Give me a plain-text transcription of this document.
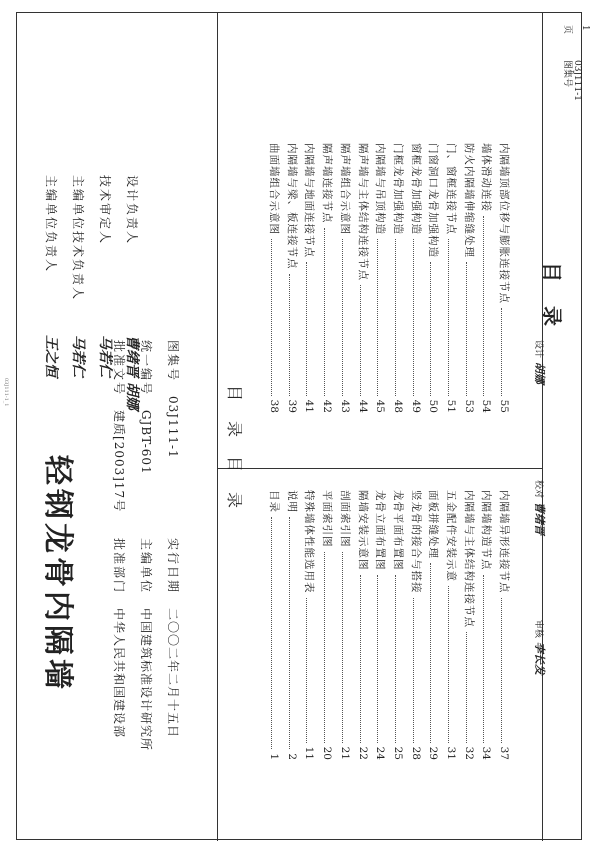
03J111-1_1
轻钢龙骨内隔墙	批准部门中华人民共和国建设部
主编单位中国建筑标准设计研究所
实行日期二〇〇二年二月十五日
批准文号建质[2003]17号
统一编号GJBT-601
图集号03J111-1
目录
目录
目录
1
说明
2
特殊墙体性能选用表
11
平面索引图
20
剖面索引图
21
隔墙安装示意图
22
龙骨立面布置图
24
龙骨平面布置图
25
竖龙骨的接合与搭接
28
面板拼缝处理
29
五金配件安装示意
31
内隔墙与主体结构连接节点
32
内隔墙构造节点
34
内隔墙异形连接节点
37
曲面墙组合示意图
38
内隔墙与梁、板连接节点
39
内隔墙与地面连接节点
41
隔声墙连接节点
42
隔声墙组合示意图
43
隔声墙与主体结构连接节点
44
内隔墙与吊顶构造
45
门框龙骨加强构造
48
窗框龙骨加强构造
49
门窗洞口龙骨加强构造
50
门、窗框连接节点
51
防火内隔墙伸缩缝处理
53
墙体滑动连接
54
内隔墙顶部位移与膨胀连接节点
55
主编单位负责人王之恒
主编单位技术负责人马若仁
技术审定人马若仁
设计负责人曹绪晋 胡娜
目录
图集号 03J111-1
页 1
审核 李长发
校对 曹绪晋
设计 胡娜
